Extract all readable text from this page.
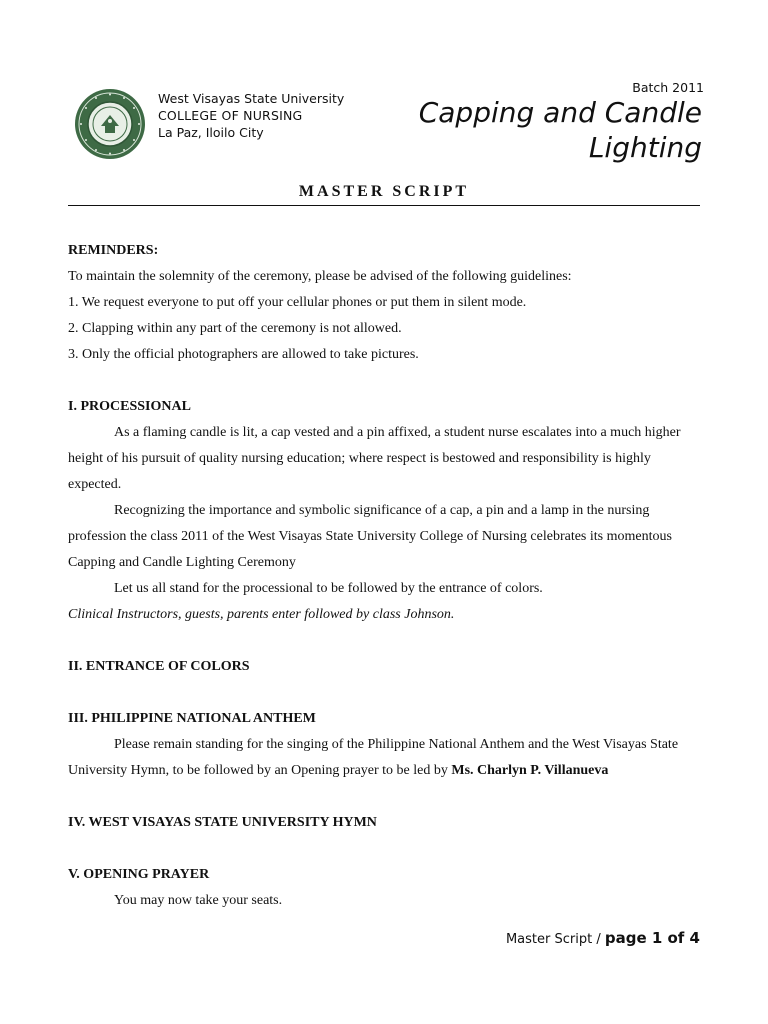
West Visayas State University
COLLEGE OF NURSING
La Paz, Iloilo City
Batch 2011
Capping and Candle
Lighting
MASTER SCRIPT

REMINDERS:

To maintain the solemnity of the ceremony, please be advised of the following guidelines:

1. We request everyone to put off your cellular phones or put them in silent mode.

2. Clapping within any part of the ceremony is not allowed.

3. Only the official photographers are allowed to take pictures.

I. PROCESSIONAL

As a flaming candle is lit, a cap vested and a pin affixed, a student nurse escalates into a much higher height of his pursuit of quality nursing education; where respect is bestowed and responsibility is highly expected.

Recognizing the importance and symbolic significance of a cap, a pin and a lamp in the nursing profession the class 2011 of the West Visayas State University College of Nursing celebrates its momentous Capping and Candle Lighting Ceremony

Let us all stand for the processional to be followed by the entrance of colors.

Clinical Instructors, guests, parents enter followed by class Johnson.

II. ENTRANCE OF COLORS

III. PHILIPPINE NATIONAL ANTHEM

Please remain standing for the singing of the Philippine National Anthem and the West Visayas State University Hymn, to be followed by an Opening prayer to be led by Ms. Charlyn P. Villanueva

IV. WEST VISAYAS STATE UNIVERSITY HYMN

V. OPENING PRAYER

You may now take your seats.

Master Script / page 1 of 4
